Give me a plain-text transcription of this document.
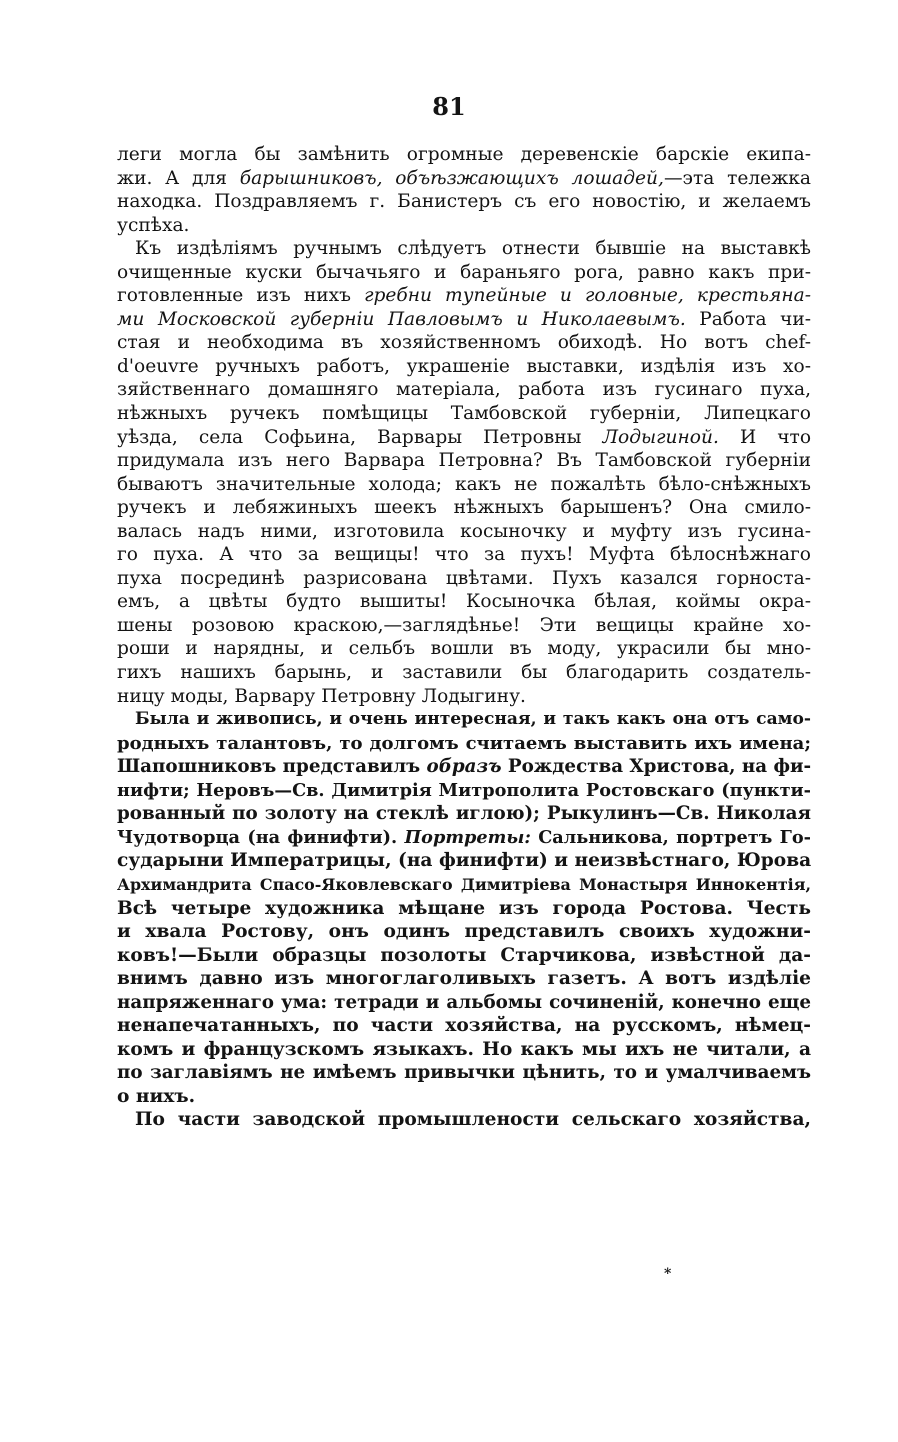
81
леги могла бы замѣнить огромные деревенскіе барскіе екипа-
жи. А для барышниковъ, объѣзжающихъ лошадей,—эта тележка
находка. Поздравляемъ г. Банистеръ съ его новостію, и желаемъ
успѣха.
Къ издѣліямъ ручнымъ слѣдуетъ отнести бывшіе на выставкѣ
очищенные куски бычачьяго и бараньяго рога, равно какъ при-
готовленные изъ нихъ гребни тупейные и головные, крестьяна-
ми Московской губерніи Павловымъ и Николаевымъ. Работа чи-
стая и необходима въ хозяйственномъ обиходѣ. Но вотъ chef-
d'oeuvre ручныхъ работъ, украшеніе выставки, издѣлія изъ хо-
зяйственнаго домашняго матеріала, работа изъ гусинаго пуха,
нѣжныхъ ручекъ помѣщицы Тамбовской губерніи, Липецкаго
уѣзда, села Софьина, Варвары Петровны Лодыгиной. И что
придумала изъ него Варвара Петровна? Въ Тамбовской губерніи
бываютъ значительные холода; какъ не пожалѣть бѣло-снѣжныхъ
ручекъ и лебяжиныхъ шеекъ нѣжныхъ барышенъ? Она смило-
валась надъ ними, изготовила косыночку и муфту изъ гусина-
го пуха. А что за вещицы! что за пухъ! Муфта бѣлоснѣжнаго
пуха посрединѣ разрисована цвѣтами. Пухъ казался горноста-
емъ, а цвѣты будто вышиты! Косыночка бѣлая, коймы окра-
шены розовою краскою,—заглядѣнье! Эти вещицы крайне хо-
роши и нарядны, и сельбъ вошли въ моду, украсили бы мно-
гихъ нашихъ барынь, и заставили бы благодарить создатель-
ницу моды, Варвару Петровну Лодыгину.
Была и живопись, и очень интересная, и такъ какъ она отъ само-
родныхъ талантовъ, то долгомъ считаемъ выставить ихъ имена;
Шапошниковъ представилъ образъ Рождества Христова, на фи-
нифти; Неровъ—Св. Димитрія Митрополита Ростовскаго (пункти-
рованный по золоту на стеклѣ иглою); Рыкулинъ—Св. Николая
Чудотворца (на финифти). Портреты: Сальникова, портретъ Го-
сударыни Императрицы, (на финифти) и неизвѣстнаго, Юрова
Архимандрита Спасо-Яковлевскаго Димитріева Монастыря Иннокентія,
Всѣ четыре художника мѣщане изъ города Ростова. Честь
и хвала Ростову, онъ одинъ представилъ своихъ художни-
ковъ!—Были образцы позолоты Старчикова, извѣстной да-
внимъ давно изъ многоглаголивыхъ газетъ. А вотъ издѣліе
напряженнаго ума: тетради и альбомы сочиненій, конечно еще
ненапечатанныхъ, по части хозяйства, на русскомъ, нѣмец-
комъ и французскомъ языкахъ. Но какъ мы ихъ не читали, а
по заглавіямъ не имѣемъ привычки цѣнить, то и умалчиваемъ
о нихъ.
По части заводской промышлености сельскаго хозяйства,
*
